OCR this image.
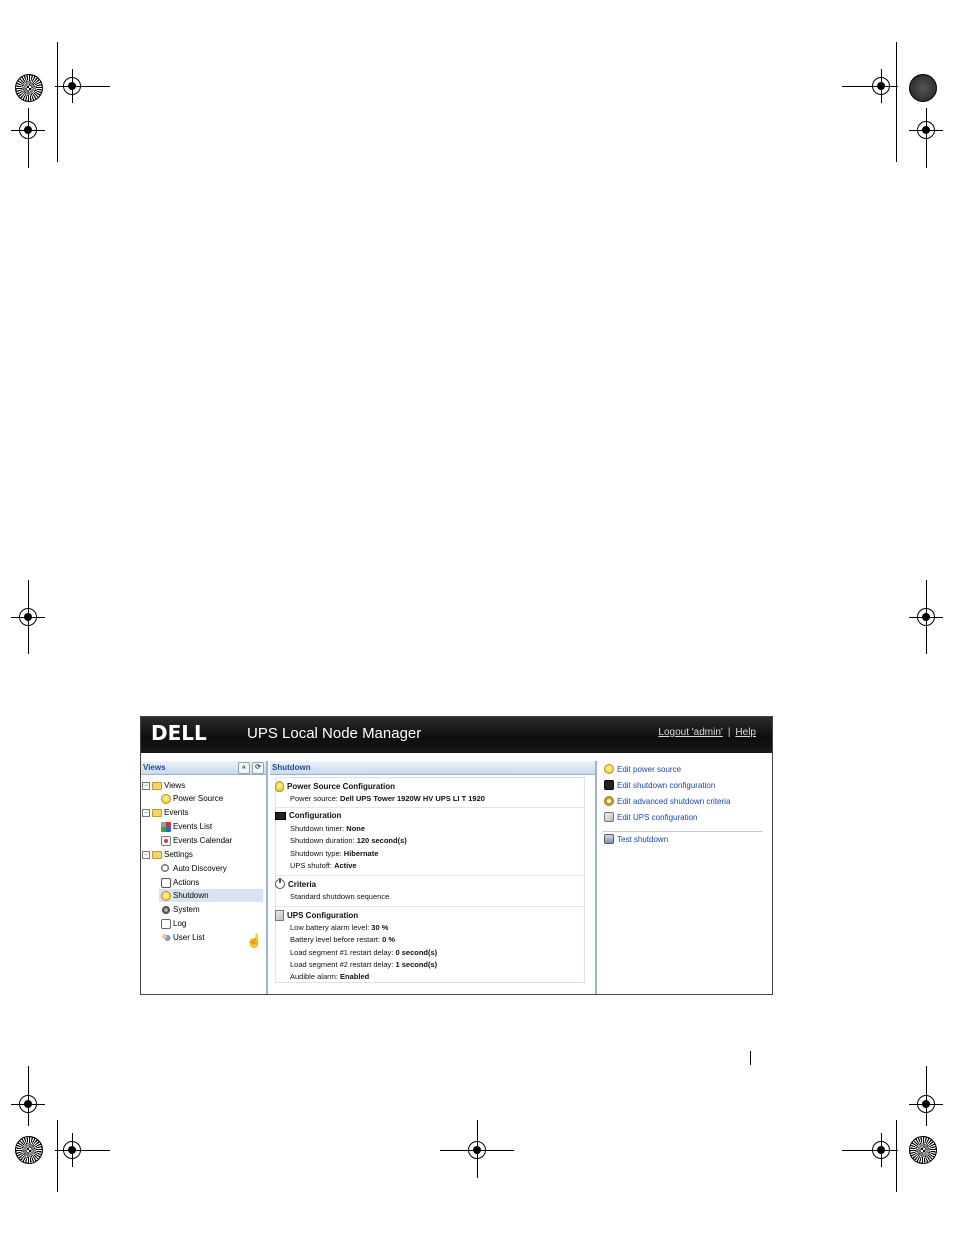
DELL	UPS Local Node Manager	Logout 'admin' | Help
Views	«	⟳
− Views
Power Source
− Events
Events List
Events Calendar
− Settings
Auto Discovery
Actions
Shutdown
System
Log
User List	☝
Shutdown
Power Source Configuration
Power source: Dell UPS Tower 1920W HV UPS LI T 1920
Configuration
Shutdown timer: None
Shutdown duration: 120 second(s)
Shutdown type: Hibernate
UPS shutoff: Active
Criteria
Standard shutdown sequence
UPS Configuration
Low battery alarm level: 30 %
Battery level before restart: 0 %
Load segment #1 restart delay: 0 second(s)
Load segment #2 restart delay: 1 second(s)
Audible alarm: Enabled
Edit power source
Edit shutdown configuration
Edit advanced shutdown criteria
Edit UPS configuration
Test shutdown
